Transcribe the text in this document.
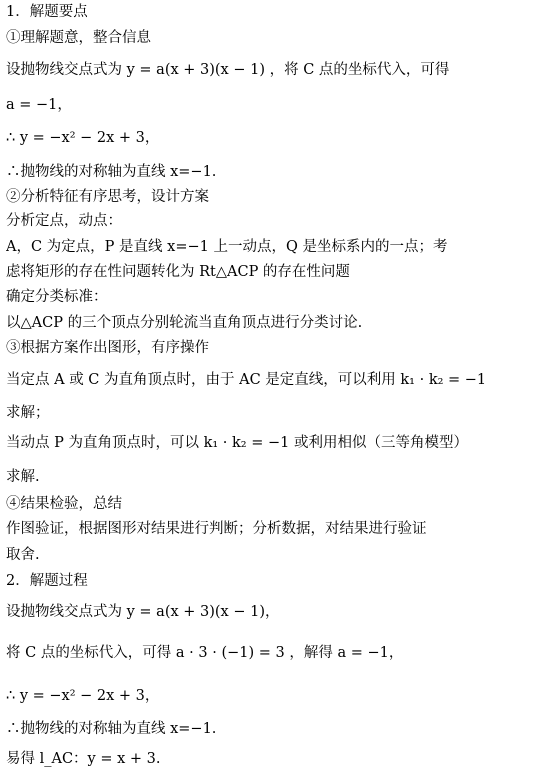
1．解题要点
①理解题意，整合信息
设抛物线交点式为 y = a(x + 3)(x − 1) ，将 C 点的坐标代入，可得
a = −1，
∴ y = −x² − 2x + 3，
∴抛物线的对称轴为直线 x=−1.
②分析特征有序思考，设计方案
分析定点，动点：
A，C 为定点，P 是直线 x=−1 上一动点，Q 是坐标系内的一点；考
虑将矩形的存在性问题转化为 Rt△ACP 的存在性问题
确定分类标准：
以△ACP 的三个顶点分别轮流当直角顶点进行分类讨论.
③根据方案作出图形，有序操作
当定点 A 或 C 为直角顶点时，由于 AC 是定直线，可以利用 k₁ · k₂ = −1
求解；
当动点 P 为直角顶点时，可以 k₁ · k₂ = −1 或利用相似（三等角模型）
求解.
④结果检验，总结
作图验证，根据图形对结果进行判断；分析数据，对结果进行验证
取舍.
2．解题过程
设抛物线交点式为 y = a(x + 3)(x − 1)，
将 C 点的坐标代入，可得 a · 3 · (−1) = 3 ，解得 a = −1，
∴ y = −x² − 2x + 3，
∴抛物线的对称轴为直线 x=−1.
易得 l_AC：y = x + 3.
